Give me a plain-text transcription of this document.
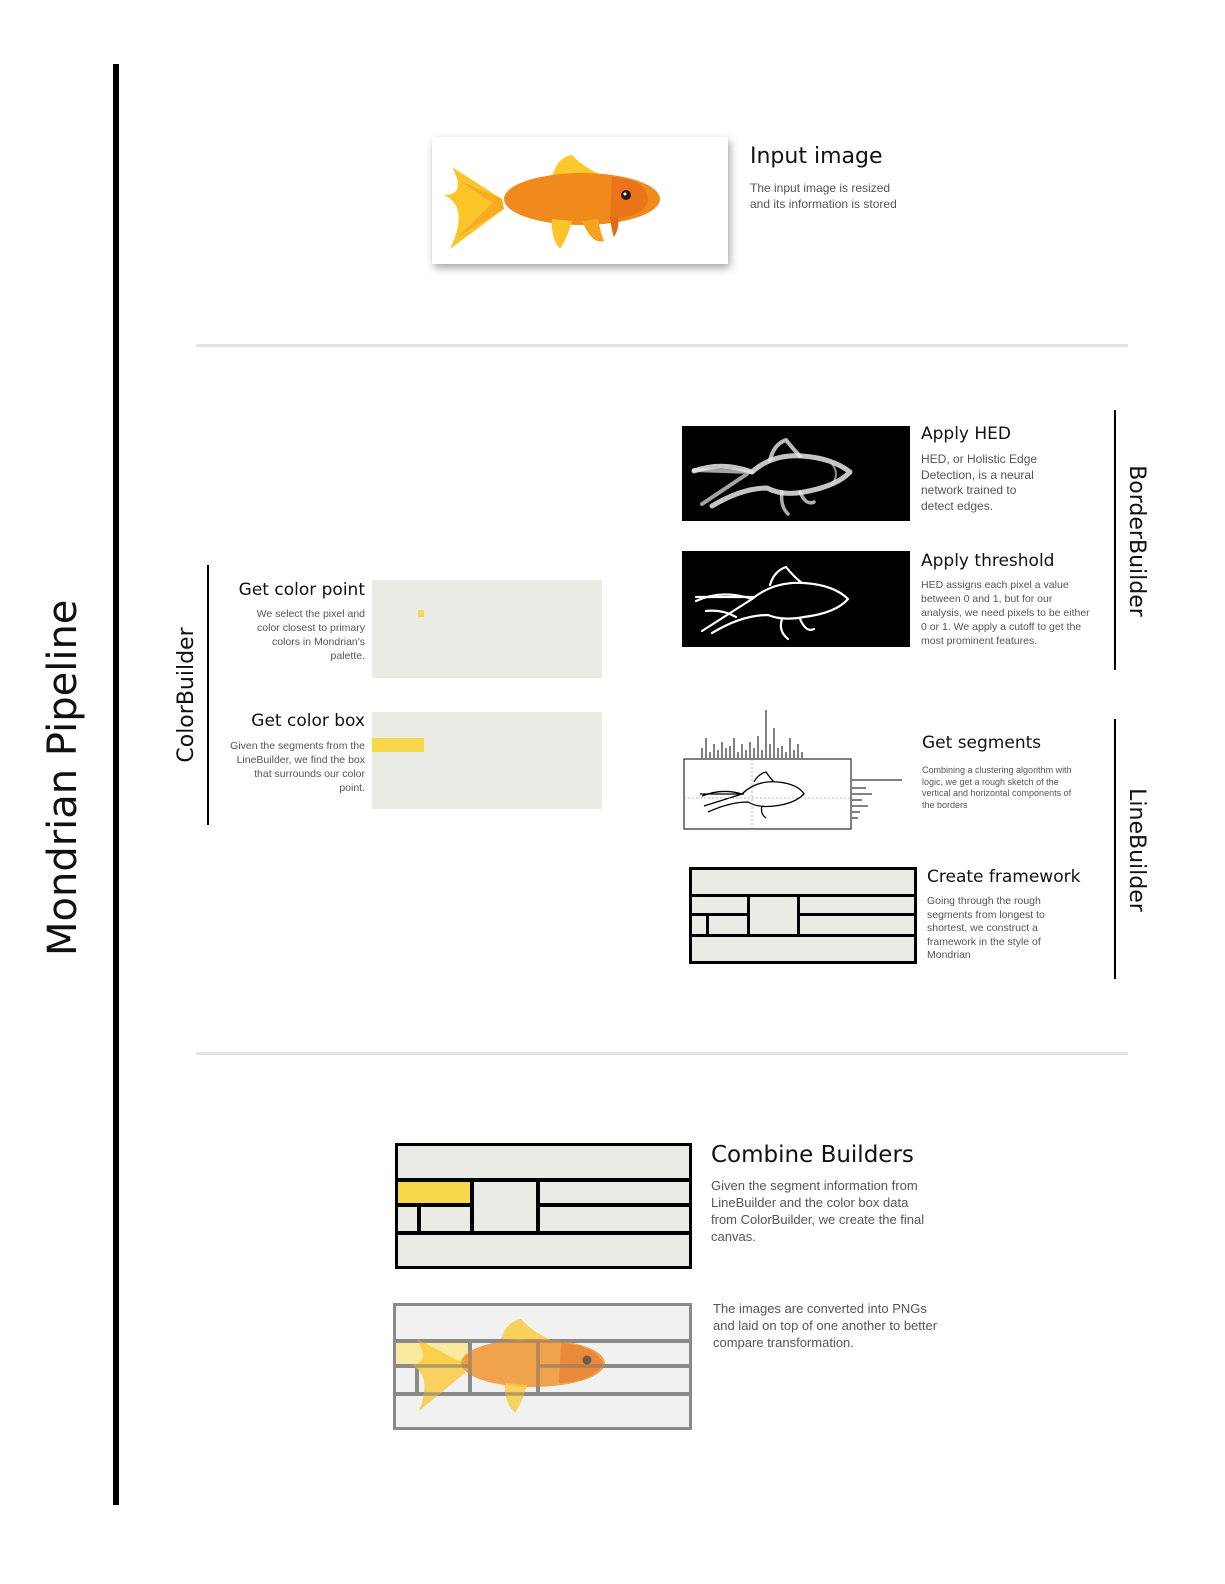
Mondrian Pipeline
Input image
The input image is resized and its information is stored
BorderBuilder
Apply HED
HED, or Holistic Edge Detection, is a neural network trained to detect edges.
Apply threshold
HED assigns each pixel a value between 0 and 1, but for our analysis, we need pixels to be either 0 or 1. We apply a cutoff to get the most prominent features.
LineBuilder
Get segments
Combining a clustering algorithm with logic, we get a rough sketch of the vertical and horizontal components of the borders
Create framework
Going through the rough segments from longest to shortest, we construct a framework in the style of Mondrian
ColorBuilder
Get color point
We select the pixel and color closest to primary colors in Mondrian's palette.
Get color box
Given the segments from the LineBuilder, we find the box that surrounds our color point.
Combine Builders
Given the segment information from LineBuilder and the color box data from ColorBuilder, we create the final canvas.
The images are converted into PNGs and laid on top of one another to better compare transformation.
